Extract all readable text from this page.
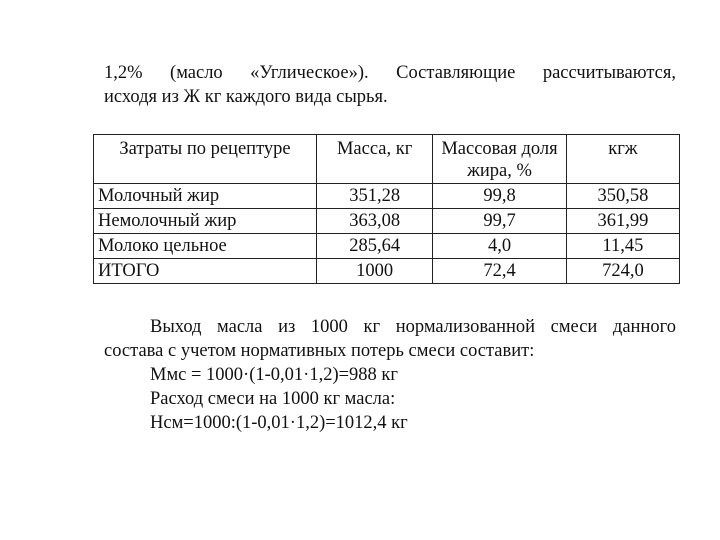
1,2% (масло «Углическое»). Составляющие рассчитываются,
исходя из Ж кг каждого вида сырья.
Затраты по рецептуре	Масса, кг	Массовая доля жира, %	кгж
Молочный жир	351,28	99,8	350,58
Немолочный жир	363,08	99,7	361,99
Молоко цельное	285,64	4,0	11,45
ИТОГО	1000	72,4	724,0
Выход масла из 1000 кг нормализованной смеси данного
состава с учетом нормативных потерь смеси составит:
Ммс = 1000·(1-0,01·1,2)=988 кг
Расход смеси на 1000 кг масла:
Нсм=1000:(1-0,01·1,2)=1012,4 кг
